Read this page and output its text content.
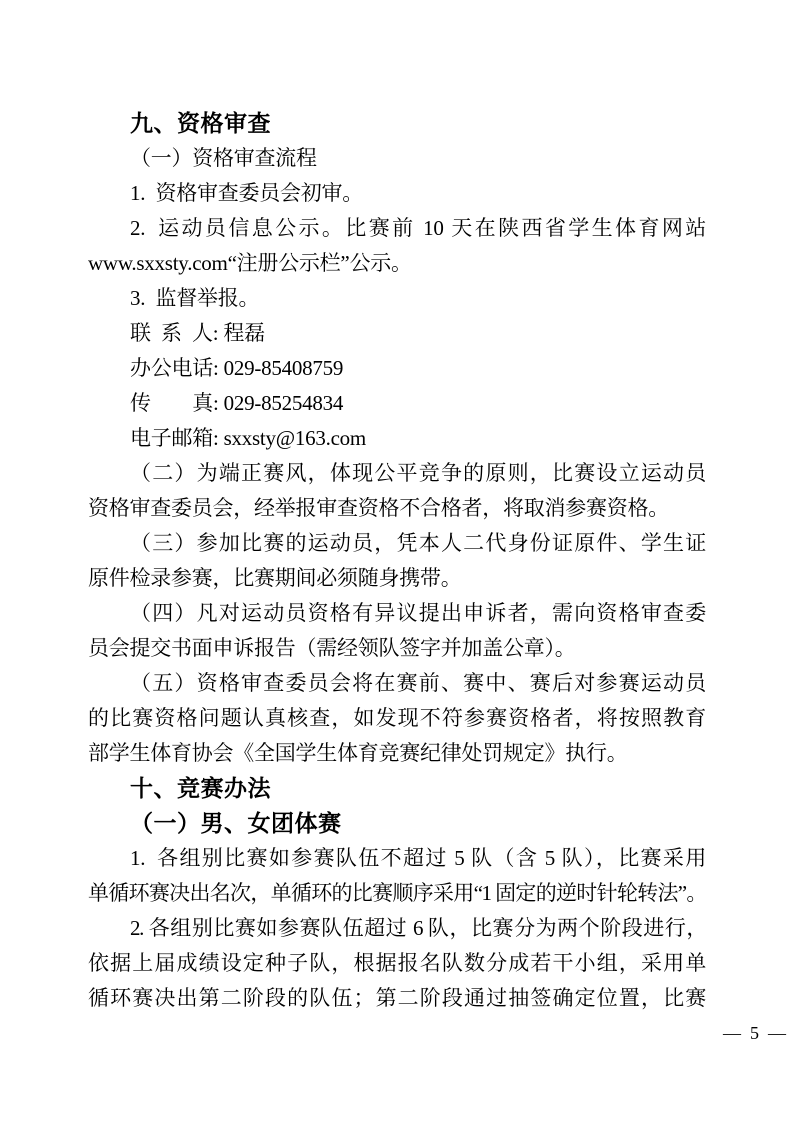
九、资格审查
（一）资格审查流程
1. 资格审查委员会初审。
2. 运动员信息公示。比赛前 10 天在陕西省学生体育网站
www.sxxsty.com“注册公示栏”公示。
3. 监督举报。
联 系 人: 程磊
办公电话: 029-85408759
传　　真: 029-85254834
电子邮箱: sxxsty@163.com
（二）为端正赛风，体现公平竞争的原则，比赛设立运动员
资格审查委员会，经举报审查资格不合格者，将取消参赛资格。
（三）参加比赛的运动员，凭本人二代身份证原件、学生证
原件检录参赛，比赛期间必须随身携带。
（四）凡对运动员资格有异议提出申诉者，需向资格审查委
员会提交书面申诉报告（需经领队签字并加盖公章）。
（五）资格审查委员会将在赛前、赛中、赛后对参赛运动员
的比赛资格问题认真核查，如发现不符参赛资格者，将按照教育
部学生体育协会《全国学生体育竞赛纪律处罚规定》执行。
十、竞赛办法
（一）男、女团体赛
1. 各组别比赛如参赛队伍不超过 5 队（含 5 队），比赛采用
单循环赛决出名次，单循环的比赛顺序采用“1 固定的逆时针轮转法”。
2. 各组别比赛如参赛队伍超过 6 队，比赛分为两个阶段进行，
依据上届成绩设定种子队，根据报名队数分成若干小组，采用单
循环赛决出第二阶段的队伍；第二阶段通过抽签确定位置，比赛
— 5 —
